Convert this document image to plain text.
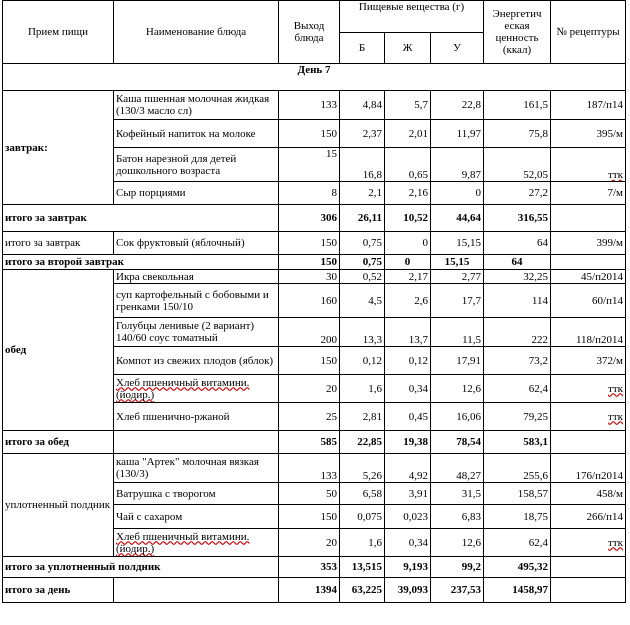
Прием пищи	Наименование блюда	Выход блюда	Пищевые вещества (г)			Энергетич еская ценность (ккал)	№ рецептуры
			Б	Ж	У		
День 7							
завтрак:	Каша пшенная молочная жидкая (130/3 масло сл)	133	4,84	5,7	22,8	161,5	187/п14
	Кофейный напиток на молоке	150	2,37	2,01	11,97	75,8	395/м
	Батон нарезной для детей дошкольного возраста	15	16,8	0,65	9,87	52,05	ттк
	Сыр порциями	8	2,1	2,16	0	27,2	7/м
итого за завтрак		306	26,11	10,52	44,64	316,55	
итого за завтрак	Сок фруктовый (яблочный)	150	0,75	0	15,15	64	399/м
итого за второй завтрак		150	0,75	0	15,15	64	
обед	Икра свекольная	30	0,52	2,17	2,77	32,25	45/п2014
	суп картофельный с бобовыми и гренками 150/10	160	4,5	2,6	17,7	114	60/п14
	Голубцы ленивые (2 вариант) 140/60 соус томатный	200	13,3	13,7	11,5	222	118/п2014
	Компот из свежих плодов (яблок)	150	0,12	0,12	17,91	73,2	372/м
	Хлеб пшеничный витамини. (йодир.)	20	1,6	0,34	12,6	62,4	ттк
	Хлеб пшенично-ржаной	25	2,81	0,45	16,06	79,25	ттк
итого за обед		585	22,85	19,38	78,54	583,1	
уплотненный полдник	каша "Артек" молочная вязкая (130/3)	133	5,26	4,92	48,27	255,6	176/п2014
	Ватрушка с творогом	50	6,58	3,91	31,5	158,57	458/м
	Чай с сахаром	150	0,075	0,023	6,83	18,75	266/п14
	Хлеб пшеничный витамини. (йодир.)	20	1,6	0,34	12,6	62,4	ттк
итого за уплотненный полдник		353	13,515	9,193	99,2	495,32	
итого за день		1394	63,225	39,093	237,53	1458,97	
